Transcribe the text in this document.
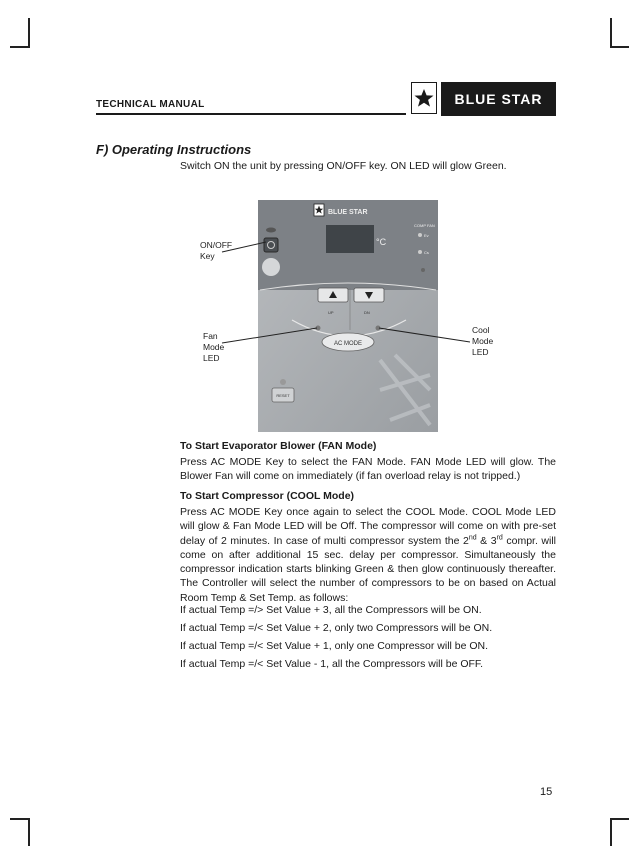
TECHNICAL MANUAL	BLUE STAR
F) Operating Instructions
Switch ON the unit by pressing ON/OFF key. ON LED will glow Green.
BLUE STAR
°C
COMP FAN
Ev
Cs
UP	DN
AC MODE
RESET
ON/OFF
Key
Fan
Mode
LED
Cool
Mode
LED
To Start Evaporator Blower (FAN Mode)
Press AC MODE Key to select the FAN Mode. FAN Mode LED will glow. The Blower Fan will come on immediately (if fan overload relay is not tripped.)
To Start Compressor (COOL Mode)
Press AC MODE Key once again to select the COOL Mode. COOL Mode LED will glow & Fan Mode LED will be Off. The compressor will come on with pre-set delay of 2 minutes. In case of multi compressor system the 2nd & 3rd compr. will come on after additional 15 sec. delay per compressor. Simultaneously the compressor indication starts blinking Green & then glow continuously thereafter. The Controller will select the number of compressors to be on based on Actual Room Temp & Set Temp. as follows:
If actual Temp =/> Set Value + 3, all the Compressors will be ON.
If actual Temp =/< Set Value + 2, only two Compressors will be ON.
If actual Temp =/< Set Value + 1, only one Compressor will be ON.
If actual Temp =/< Set Value - 1, all the Compressors will be OFF.
15
